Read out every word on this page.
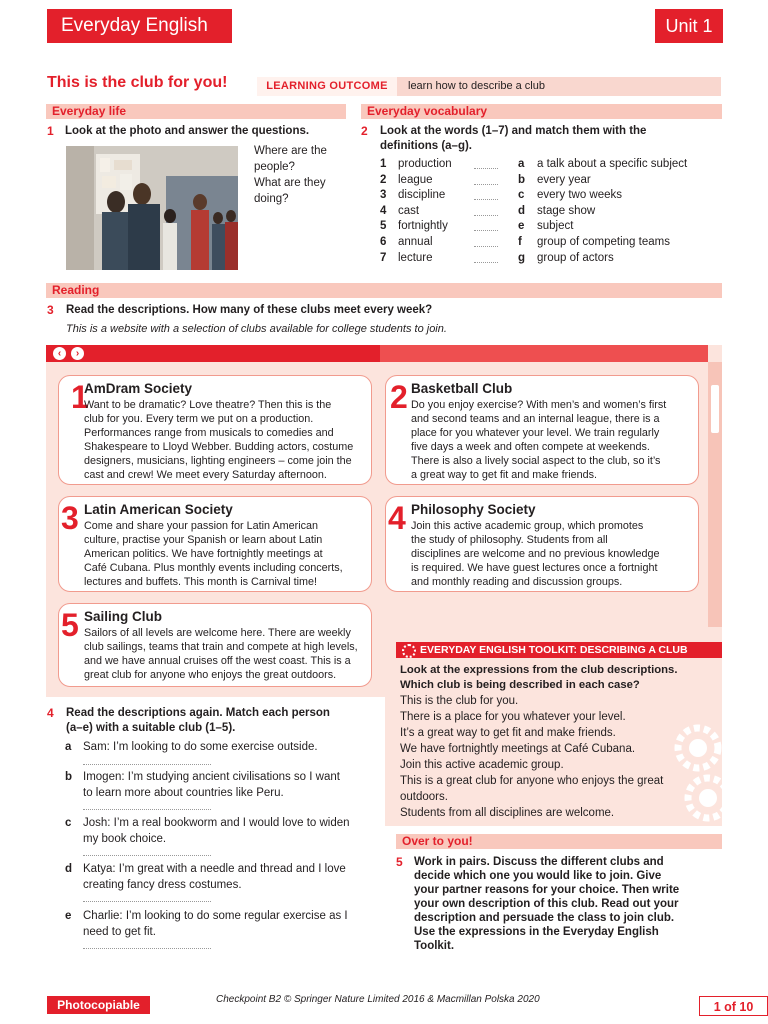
Everyday English	Unit 1
This is the club for you!	LEARNING OUTCOME	learn how to describe a club
Everyday life
1 Look at the photo and answer the questions.
Where are the
people?
What are they
doing?
Everyday vocabulary
2 Look at the words (1–7) and match them with the
definitions (a–g).
1 production	a a talk about a specific subject
2 league	b every year
3 discipline	c every two weeks
4 cast	d stage show
5 fortnightly	e subject
6 annual	f group of competing teams
7 lecture	g group of actors
Reading
3 Read the descriptions. How many of these clubs meet every week?
This is a website with a selection of clubs available for college students to join.
‹	›
1
AmDram Society
Want to be dramatic? Love theatre? Then this is the
club for you. Every term we put on a production.
Performances range from musicals to comedies and
Shakespeare to Lloyd Webber. Budding actors, costume
designers, musicians, lighting engineers – come join the
cast and crew! We meet every Saturday afternoon.
2 Basketball Club
Do you enjoy exercise? With men’s and women’s first
and second teams and an internal league, there is a
place for you whatever your level. We train regularly
five days a week and often compete at weekends.
There is also a lively social aspect to the club, so it’s
a great way to get fit and make friends.
3 Latin American Society
Come and share your passion for Latin American
culture, practise your Spanish or learn about Latin
American politics. We have fortnightly meetings at
Café Cubana. Plus monthly events including concerts,
lectures and buffets. This month is Carnival time!
4 Philosophy Society
Join this active academic group, which promotes
the study of philosophy. Students from all
disciplines are welcome and no previous knowledge
is required. We have guest lectures once a fortnight
and monthly reading and discussion groups.
5 Sailing Club
Sailors of all levels are welcome here. There are weekly
club sailings, teams that train and compete at high levels,
and we have annual cruises off the west coast. This is a
great club for anyone who enjoys the great outdoors.
4 Read the descriptions again. Match each person
(a–e) with a suitable club (1–5).
a Sam: I’m looking to do some exercise outside.
b Imogen: I’m studying ancient civilisations so I want
to learn more about countries like Peru.
c Josh: I’m a real bookworm and I would love to widen
my book choice.
d Katya: I’m great with a needle and thread and I love
creating fancy dress costumes.
e Charlie: I’m looking to do some regular exercise as I
need to get fit.
EVERYDAY ENGLISH TOOLKIT: DESCRIBING A CLUB
Look at the expressions from the club descriptions.
Which club is being described in each case?
This is the club for you.
There is a place for you whatever your level.
It’s a great way to get fit and make friends.
We have fortnightly meetings at Café Cubana.
Join this active academic group.
This is a great club for anyone who enjoys the great
outdoors.
Students from all disciplines are welcome.
Over to you!
5 Work in pairs. Discuss the different clubs and
decide which one you would like to join. Give
your partner reasons for your choice. Then write
your own description of this club. Read out your
description and persuade the class to join club.
Use the expressions in the Everyday English
Toolkit.
Photocopiable	Checkpoint B2 © Springer Nature Limited 2016 & Macmillan Polska 2020
1 of 10
